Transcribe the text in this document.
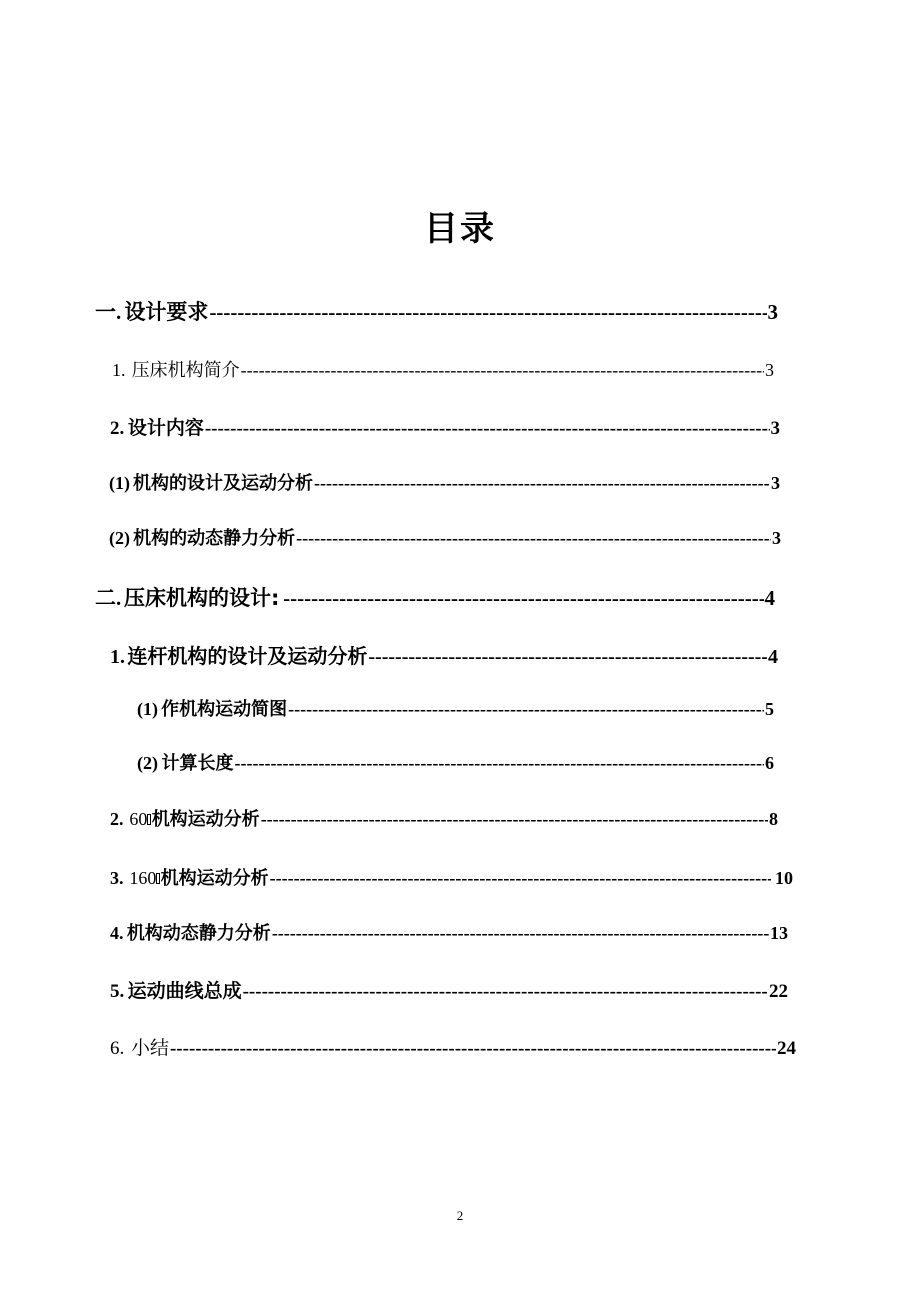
目录
一. 设计要求 -----	3
1. 压床机构简介 -----	3
2. 设计内容 -----	3
(1) 机构的设计及运动分析 -----	3
(2) 机构的动态静力分析 -----	3
二. 压床机构的设计: -----	4
1. 连杆机构的设计及运动分析 -----	4
(1) 作机构运动简图 -----	5
(2) 计算长度 -----	6
2. 60 机构运动分析 -----	8
3. 160 机构运动分析 -----	10
4. 机构动态静力分析 -----	13
5. 运动曲线总成 -----	22
6. 小结 -----	24
2
